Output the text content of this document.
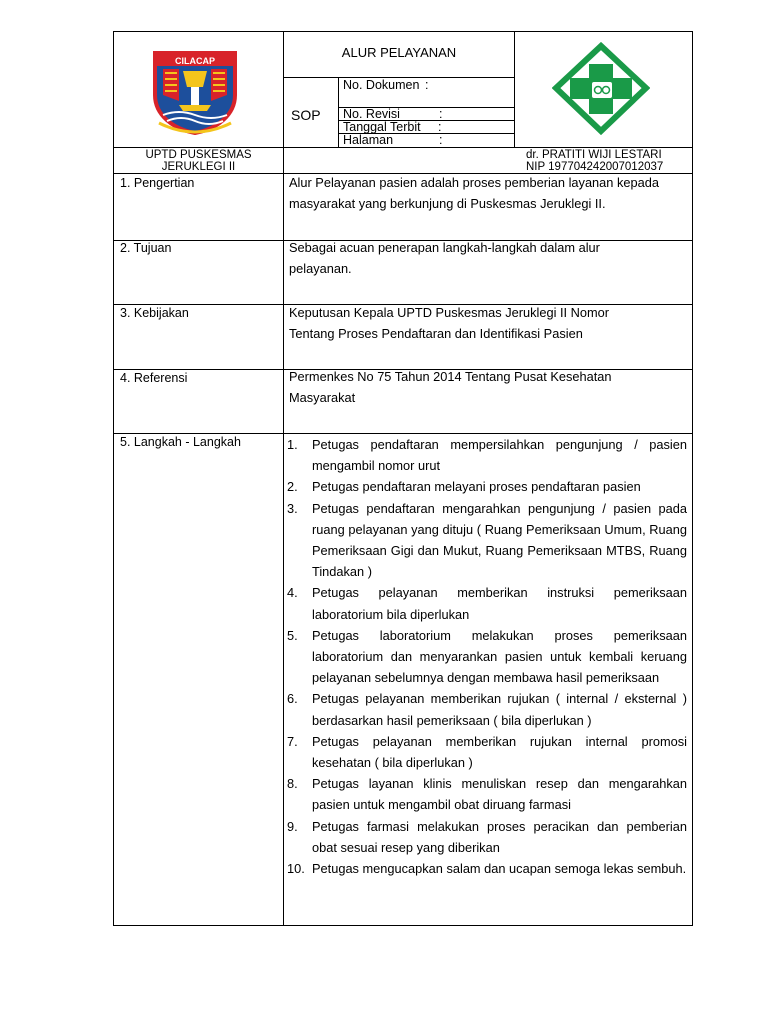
CILACAP
ALUR PELAYANAN
SOP
No. Dokumen :
No. Revisi	:
Tanggal Terbit :
Halaman	:
UPTD PUSKESMAS
JERUKLEGI II
dr. PRATITI WIJI LESTARI
NIP 197704242007012037
1. Pengertian
2. Tujuan
3. Kebijakan
4. Referensi
5. Langkah - Langkah
Alur Pelayanan pasien adalah proses pemberian layanan kepada masyarakat yang berkunjung di Puskesmas Jeruklegi II.
Sebagai acuan penerapan langkah-langkah dalam alur pelayanan.
Keputusan Kepala UPTD Puskesmas Jeruklegi II Nomor Tentang Proses Pendaftaran dan Identifikasi Pasien
Permenkes No 75 Tahun 2014 Tentang Pusat Kesehatan Masyarakat
1. Petugas pendaftaran mempersilahkan pengunjung / pasien mengambil nomor urut
2. Petugas pendaftaran melayani proses pendaftaran pasien
3. Petugas pendaftaran mengarahkan pengunjung / pasien pada ruang pelayanan yang dituju ( Ruang Pemeriksaan Umum, Ruang Pemeriksaan Gigi dan Mukut, Ruang Pemeriksaan MTBS, Ruang Tindakan )
4. Petugas pelayanan memberikan instruksi pemeriksaan laboratorium bila diperlukan
5. Petugas laboratorium melakukan proses pemeriksaan laboratorium dan menyarankan pasien untuk kembali keruang pelayanan sebelumnya dengan membawa hasil pemeriksaan
6. Petugas pelayanan memberikan rujukan ( internal / eksternal ) berdasarkan hasil pemeriksaan ( bila diperlukan )
7. Petugas pelayanan memberikan rujukan internal promosi kesehatan ( bila diperlukan )
8. Petugas layanan klinis menuliskan resep dan mengarahkan pasien untuk mengambil obat diruang farmasi
9. Petugas farmasi melakukan proses peracikan dan pemberian obat sesuai resep yang diberikan
10. Petugas mengucapkan salam dan ucapan semoga lekas sembuh.
